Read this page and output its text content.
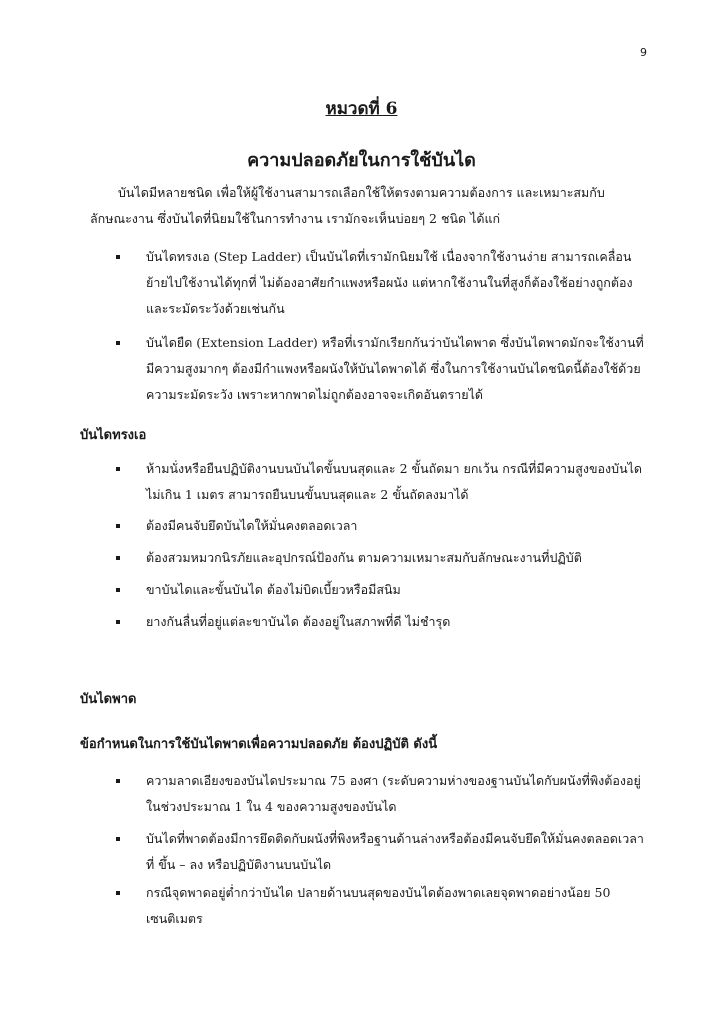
9
หมวดที่ 6
ความปลอดภัยในการใช้บันได
บันไดมีหลายชนิด เพื่อให้ผู้ใช้งานสามารถเลือกใช้ให้ตรงตามความต้องการ และเหมาะสมกับ
ลักษณะงาน ซึ่งบันไดที่นิยมใช้ในการทำงาน เรามักจะเห็นบ่อยๆ 2 ชนิด ได้แก่
บันไดทรงเอ (Step Ladder) เป็นบันไดที่เรามักนิยมใช้ เนื่องจากใช้งานง่าย สามารถเคลื่อนย้ายไปใช้งานได้ทุกที่ ไม่ต้องอาศัยกำแพงหรือผนัง แต่หากใช้งานในที่สูงก็ต้องใช้อย่างถูกต้องและระมัดระวังด้วยเช่นกัน
บันไดยืด (Extension Ladder) หรือที่เรามักเรียกกันว่าบันไดพาด ซึ่งบันไดพาดมักจะใช้งานที่มีความสูงมากๆ ต้องมีกำแพงหรือผนังให้บันไดพาดได้ ซึ่งในการใช้งานบันไดชนิดนี้ต้องใช้ด้วยความระมัดระวัง เพราะหากพาดไม่ถูกต้องอาจจะเกิดอันตรายได้
บันไดทรงเอ
ห้ามนั่งหรือยืนปฏิบัติงานบนบันไดขั้นบนสุดและ 2 ขั้นถัดมา ยกเว้น กรณีที่มีความสูงของบันไดไม่เกิน 1 เมตร สามารถยืนบนขั้นบนสุดและ 2 ขั้นถัดลงมาได้
ต้องมีคนจับยึดบันไดให้มั่นคงตลอดเวลา
ต้องสวมหมวกนิรภัยและอุปกรณ์ป้องกัน ตามความเหมาะสมกับลักษณะงานที่ปฏิบัติ
ขาบันไดและขั้นบันได ต้องไม่บิดเบี้ยวหรือมีสนิม
ยางกันลื่นที่อยู่แต่ละขาบันได ต้องอยู่ในสภาพที่ดี ไม่ชำรุด
บันไดพาด
ข้อกำหนดในการใช้บันไดพาดเพื่อความปลอดภัย ต้องปฏิบัติ ดังนี้
ความลาดเอียงของบันไดประมาณ 75 องศา (ระดับความห่างของฐานบันไดกับผนังที่พิงต้องอยู่ในช่วงประมาณ 1 ใน 4 ของความสูงของบันได
บันไดที่พาดต้องมีการยึดติดกับผนังที่พิงหรือฐานด้านล่างหรือต้องมีคนจับยึดให้มั่นคงตลอดเวลาที่ ขึ้น – ลง หรือปฏิบัติงานบนบันได
กรณีจุดพาดอยู่ต่ำกว่าบันได ปลายด้านบนสุดของบันไดต้องพาดเลยจุดพาดอย่างน้อย 50 เซนติเมตร
